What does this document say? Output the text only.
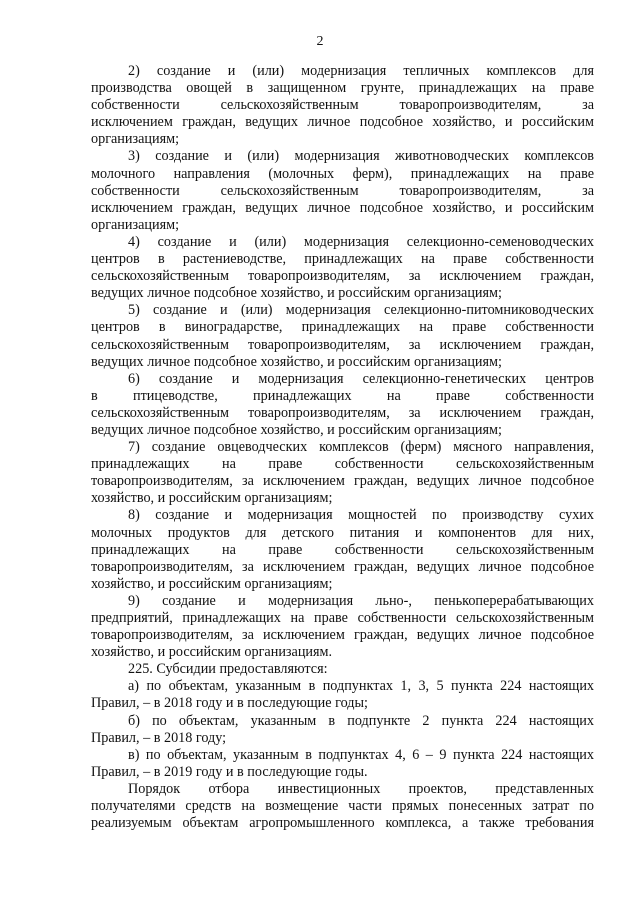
2
2) создание и (или) модернизация тепличных комплексов для
производства овощей в защищенном грунте, принадлежащих на праве
собственности сельскохозяйственным товаропроизводителям, за
исключением граждан, ведущих личное подсобное хозяйство, и российским
организациям;
3) создание и (или) модернизация животноводческих комплексов
молочного направления (молочных ферм), принадлежащих на праве
собственности сельскохозяйственным товаропроизводителям, за
исключением граждан, ведущих личное подсобное хозяйство, и российским
организациям;
4) создание и (или) модернизация селекционно-семеноводческих
центров в растениеводстве, принадлежащих на праве собственности
сельскохозяйственным товаропроизводителям, за исключением граждан,
ведущих личное подсобное хозяйство, и российским организациям;
5) создание и (или) модернизация селекционно-питомниководческих
центров в виноградарстве, принадлежащих на праве собственности
сельскохозяйственным товаропроизводителям, за исключением граждан,
ведущих личное подсобное хозяйство, и российским организациям;
6) создание и модернизация селекционно-генетических центров
в птицеводстве, принадлежащих на праве собственности
сельскохозяйственным товаропроизводителям, за исключением граждан,
ведущих личное подсобное хозяйство, и российским организациям;
7) создание овцеводческих комплексов (ферм) мясного направления,
принадлежащих на праве собственности сельскохозяйственным
товаропроизводителям, за исключением граждан, ведущих личное подсобное
хозяйство, и российским организациям;
8) создание и модернизация мощностей по производству сухих
молочных продуктов для детского питания и компонентов для них,
принадлежащих на праве собственности сельскохозяйственным
товаропроизводителям, за исключением граждан, ведущих личное подсобное
хозяйство, и российским организациям;
9) создание и модернизация льно-, пенькоперерабатывающих
предприятий, принадлежащих на праве собственности сельскохозяйственным
товаропроизводителям, за исключением граждан, ведущих личное подсобное
хозяйство, и российским организациям.
225. Субсидии предоставляются:
а) по объектам, указанным в подпунктах 1, 3, 5 пункта 224 настоящих
Правил, – в 2018 году и в последующие годы;
б) по объектам, указанным в подпункте 2 пункта 224 настоящих
Правил, – в 2018 году;
в) по объектам, указанным в подпунктах 4, 6 – 9 пункта 224 настоящих
Правил, – в 2019 году и в последующие годы.
Порядок отбора инвестиционных проектов, представленных
получателями средств на возмещение части прямых понесенных затрат по
реализуемым объектам агропромышленного комплекса, а также требования
